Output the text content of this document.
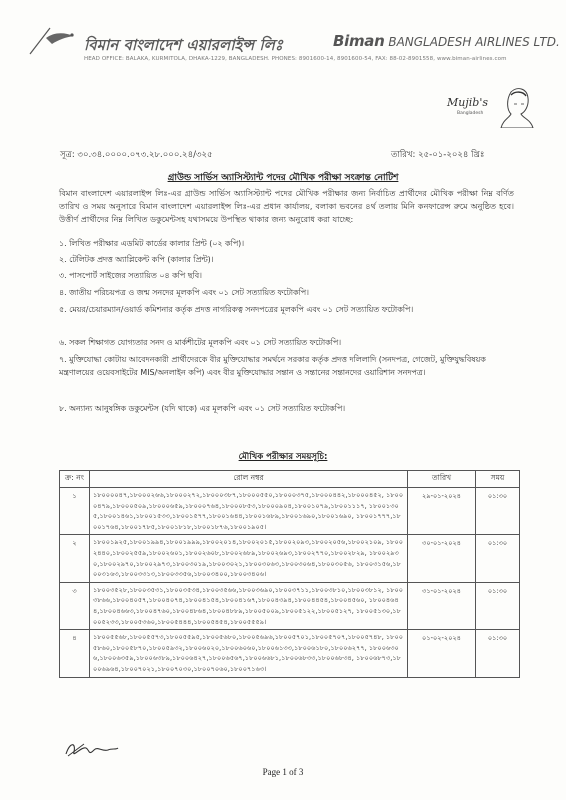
বিমান বাংলাদেশ এয়ারলাইন্স লিঃ	Biman BANGLADESH AIRLINES LTD.
HEAD OFFICE: BALAKA, KURMITOLA, DHAKA-1229, BANGLADESH. PHONES: 8901600-14, 8901600-54, FAX: 88-02-8901558, www.biman-airlines.com
Mujib's
Bangladesh
সূত্র: ৩০.৩৪.০০০০.০৭৩.২৮.০০০.২৪/৩২৫	তারিখ: ২৫-০১-২০২৪ খ্রিঃ
গ্রাউন্ড সার্ভিস অ্যাসিস্ট্যান্ট পদের মৌখিক পরীক্ষা সংক্রান্ত নোটিশ
বিমান বাংলাদেশ এয়ারলাইন্স লিঃ-এর গ্রাউন্ড সার্ভিস অ্যাসিস্ট্যান্ট পদের মৌখিক পরীক্ষার জন্য নির্বাচিত প্রার্থীদের মৌখিক পরীক্ষা নিম্ন বর্ণিত তারিখ ও সময় অনুসারে বিমান বাংলাদেশ এয়ারলাইন্স লিঃ-এর প্রধান কার্যালয়, বলাকা ভবনের ৪র্থ তলায় মিনি কনফারেন্স রুমে অনুষ্ঠিত হবে। উত্তীর্ণ প্রার্থীদের নিম্ন লিখিত ডকুমেন্টসহ যথাসময়ে উপস্থিত থাকার জন্য অনুরোধ করা যাচ্ছে:
১. লিখিত পরীক্ষার এডমিট কার্ডের কালার প্রিন্ট (০২ কপি)।
২. টেলিটক প্রদত্ত অ্যাপ্লিকেন্ট কপি (কালার প্রিন্ট)।
৩. পাসপোর্ট সাইজের সত্যায়িত ০৪ কপি ছবি।
৪. জাতীয় পরিচয়পত্র ও জন্ম সনদের মূলকপি এবং ০১ সেট সত্যায়িত ফটোকপি।
৫. মেয়র/চেয়ারম্যান/ওয়ার্ড কমিশনার কর্তৃক প্রদত্ত নাগরিকত্ব সনদপত্রের মূলকপি এবং ০১ সেট সত্যায়িত ফটোকপি।
৬. সকল শিক্ষাগত যোগ্যতার সনদ ও মার্কশীটের মূলকপি এবং ০১ সেট সত্যায়িত ফটোকপি।
৭. মুক্তিযোদ্ধা কোটায় আবেদনকারী প্রার্থীদেরকে বীর মুক্তিযোদ্ধার সমর্থনে সরকার কর্তৃক প্রদত্ত দলিলাদি (সনদপত্র, গেজেট, মুক্তিযুদ্ধবিষয়ক মন্ত্রণালয়ের ওয়েবসাইটের MIS/অনলাইন কপি) এবং বীর মুক্তিযোদ্ধার সন্তান ও সন্তানের সন্তানদের ওয়ারিশান সনদপত্র।
৮. অন্যান্য আনুষঙ্গিক ডকুমেন্টস (যদি থাকে) এর মূলকপি এবং ০১ সেট সত্যায়িত ফটোকপি।
মৌখিক পরীক্ষার সময়সূচি:
ক্র: নং	রোল নম্বর	তারিখ	সময়
১	১৮০০০০৪৭,১৮০০০২৬৬,১৮০০০২৭২,১৮০০০৩৮৭,১৮০০০৫৫০,১৮০০০৩৭৫,১৮০০০৪৪২,১৮০০০৪৫২, ১৮০০০৪৭৯,১৮০০০৫০৯,১৮০০০৬৫৯,১৮০০০৭৬৪,১৮০০০৮৫৩,১৮০০০৯০৪,১৮০০১০৭৯,১৮০০১১১৭, ১৮০০১৩০৫,১৮০০১৪৬১,১৮০০১৫৩৩,১৮০০১৫৭৭,১৮০০১৬৪৪,১৮০০১৬৮৯,১৮০০১৬৯০,১৮০০১৬৯০, ১৮০০১৭৭৭,১৮০০১৭৬৪,১৮০০১৭৮৫,১৮০০১৮১৮,১৮০০১৮৭৬,১৮০০১৯০৫।	২৯-০১-২০২৪	০১:৩০
২	১৮০০১৯২৫,১৮০০১৯৯৪,১৮০০১৯৯৯,১৮০০২০১৪,১৮০০২০১৫,১৮০০২০৯৩,১৮০০২০৫৬,১৮০০২১০৯, ১৮০০২৪৪০,১৮০০২৫৫৯,১৮০০২৬০১,১৮০০২৬০৮,১৮০০২৬৮৯,১৮০০২৬৯৩,১৮০০২৭৭০,১৮০০২৮২৯, ১৮০০২৯৩০,১৮০০২৯৭০,১৮০০২৯৭৩,১৮০০৩০১৯,১৮০০৩০২১,১৮০০৩০৬৩,১৮০০৩০৬৪,১৮০০৩০৫৬, ১৮০০৩১৫৬,১৮০০৩১৬৩,১৮০০৩৩১৩,১৮০০৩৩৫৬,১৮০০৩৪০০,১৮০০৩৪০৬।	৩০-০১-২০২৪	০১:৩০
৩	১৮০০৩৫২৮,১৮০০৩৫৩১,১৮০০৩৫৩৪,১৮০০৩৫৬৬,১৮০০৩৬৯০,১৮০০৩৭১১,১৮০০৩৮১০,১৮০০৩৮১২, ১৮০০৩৮৬৬,১৮০০৪০৫৭,১৮০০৪০৭৪,১৮০০৪১৫৪,১৮০০৪১৬৭,১৮০০৪৩৯৪,১৮০০৪৪৫৪,১৮০০৪৫৬০, ১৮০০৪৬৪৪,১৮০০৪৬৬৩,১৮০০৪৭৬০,১৮০০৪৮৬৪,১৮০০৪৮৮৯,১৮০০৫০০৯,১৮০০৫১২২,১৮০০৫১২৭, ১৮০০৫১৩০,১৮০০৫২৩৩,১৮০০৫৩৬০,১৮০০৫৪৪৪,১৮০০৫৪৫৪,১৮০০৫৫৫৯।	৩১-০১-২০২৪	০১:৩০
৪	১৮০০৫৫৬৮,১৮০০৫৫৭৩,১৮০০৫৫৯৫,১৮০০৫৬৮০,১৮০০৫৬৯৬,১৮০০৫৭০১,১৮০০৫৭০৭,১৮০০৫৭৪৮, ১৮০০৫৮৬০,১৮০০৫৮৭০,১৮০০৫৯৩২,১৮০০৬০২০,১৮০০৬০৬০,১৮০০৬১৩৩,১৮০০৬১৮০,১৮০০৬২৭৭, ১৮০০৬৩০৬,১৮০০৬৩৫৯,১৮০০৬৩৮৯,১৮০০৬৪২৭,১৮০০৬৫৬৭,১৮০০৬৬৮১,১৮০০৬৮৩৩,১৮০০৬৮৩৪, ১৮০০৬৮৭৩,১৮০০৬৯৬৪,১৮০০৭০২১,১৮০০৭০৩০,১৮০০৭০৬০,১৮০০৭১৬৩।	০১-০২-২০২৪	০১:৩০
Page 1 of 3
